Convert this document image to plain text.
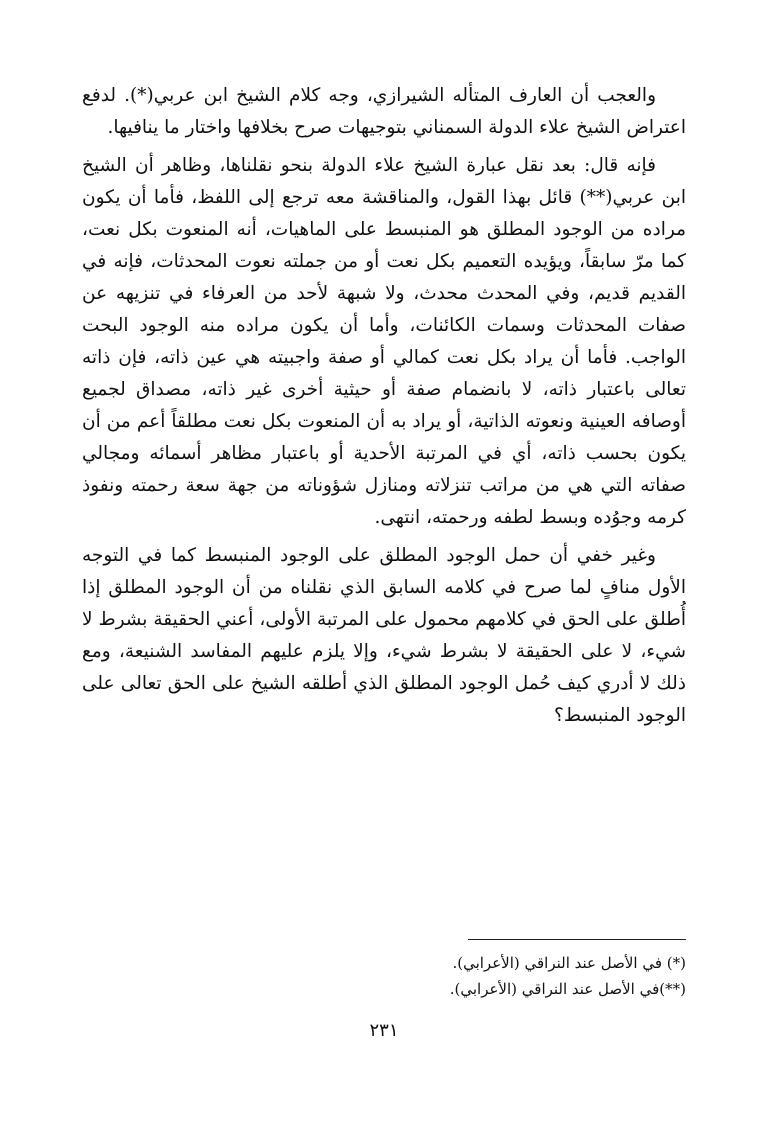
والعجب أن العارف المتأله الشيرازي، وجه كلام الشيخ ابن عربي(*). لدفع اعتراض الشيخ علاء الدولة السمناني بتوجيهات صرح بخلافها واختار ما ينافيها.

فإنه قال: بعد نقل عبارة الشيخ علاء الدولة بنحو نقلناها، وظاهر أن الشيخ ابن عربي(**) قائل بهذا القول، والمناقشة معه ترجع إلى اللفظ، فأما أن يكون مراده من الوجود المطلق هو المنبسط على الماهيات، أنه المنعوت بكل نعت، كما مرّ سابقاً، ويؤيده التعميم بكل نعت أو من جملته نعوت المحدثات، فإنه في القديم قديم، وفي المحدث محدث، ولا شبهة لأحد من العرفاء في تنزيهه عن صفات المحدثات وسمات الكائنات، وأما أن يكون مراده منه الوجود البحت الواجب. فأما أن يراد بكل نعت كمالي أو صفة واجبيته هي عين ذاته، فإن ذاته تعالى باعتبار ذاته، لا بانضمام صفة أو حيثية أخرى غير ذاته، مصداق لجميع أوصافه العينية ونعوته الذاتية، أو يراد به أن المنعوت بكل نعت مطلقاً أعم من أن يكون بحسب ذاته، أي في المرتبة الأحدية أو باعتبار مظاهر أسمائه ومجالي صفاته التي هي من مراتب تنزلاته ومنازل شؤوناته من جهة سعة رحمته ونفوذ كرمه وجوُده وبسط لطفه ورحمته، انتهى.

وغير خفي أن حمل الوجود المطلق على الوجود المنبسط كما في التوجه الأول منافٍ لما صرح في كلامه السابق الذي نقلناه من أن الوجود المطلق إذا أُطلق على الحق في كلامهم محمول على المرتبة الأولى، أعني الحقيقة بشرط لا شيء، لا على الحقيقة لا بشرط شيء، وإلا يلزم عليهم المفاسد الشنيعة، ومع ذلك لا أدري كيف حُمل الوجود المطلق الذي أطلقه الشيخ على الحق تعالى على الوجود المنبسط؟

(*) في الأصل عند النراقي (الأعرابي).

(**)في الأصل عند النراقي (الأعرابي).

٢٣١
